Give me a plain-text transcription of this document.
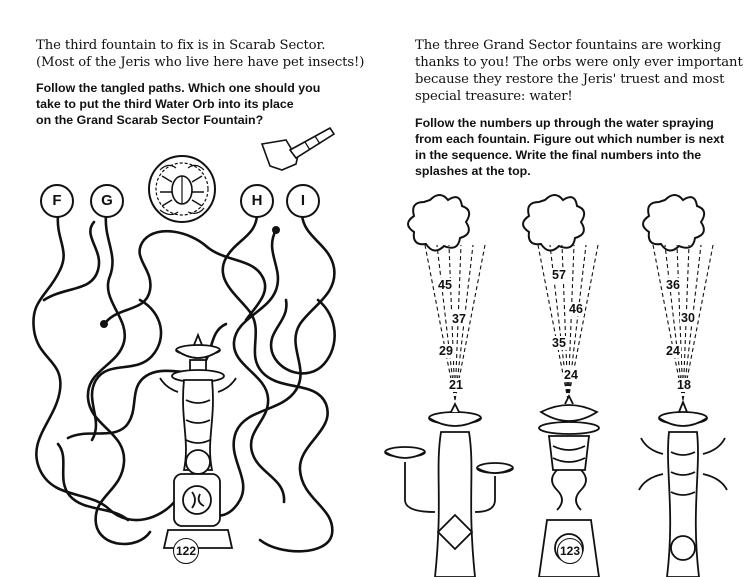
The third fountain to fix is in Scarab Sector.
(Most of the Jeris who live here have pet insects!)
Follow the tangled paths. Which one should you
take to put the third Water Orb into its place
on the Grand Scarab Sector Fountain?
F	G	H	I
122
The three Grand Sector fountains are working
thanks to you! The orbs were only ever important
because they restore the Jeris' truest and most
special treasure: water!
Follow the numbers up through the water spraying
from each fountain. Figure out which number is next
in the sequence. Write the final numbers into the
splashes at the top.
45
37
29
21
57
46
35
24
36
30
24
18
123
